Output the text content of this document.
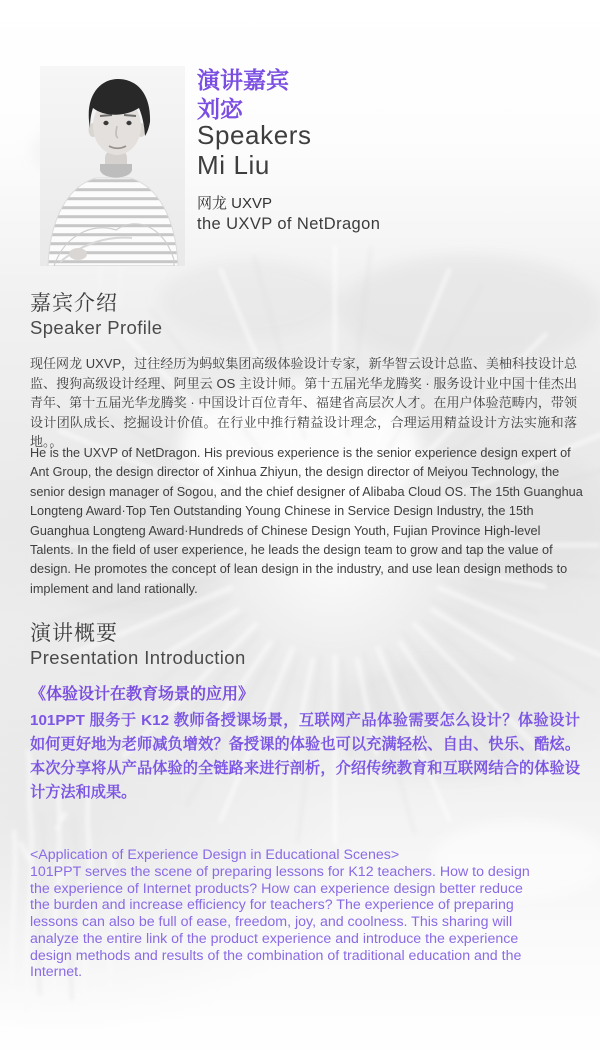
演讲嘉宾
刘宓
Speakers
Mi Liu
网龙 UXVP
the UXVP of NetDragon
嘉宾介绍
Speaker Profile
现任网龙 UXVP，过往经历为蚂蚁集团高级体验设计专家，新华智云设计总监、美柚科技设计总监、搜狗高级设计经理、阿里云 OS 主设计师。第十五届光华龙腾奖 · 服务设计业中国十佳杰出青年、第十五届光华龙腾奖 · 中国设计百位青年、福建省高层次人才。在用户体验范畴内，带领设计团队成长、挖掘设计价值。在行业中推行精益设计理念，合理运用精益设计方法实施和落地。。
He is the UXVP of NetDragon. His previous experience is the senior experience design expert of Ant Group, the design director of Xinhua Zhiyun, the design director of Meiyou Technology, the senior design manager of Sogou, and the chief designer of Alibaba Cloud OS. The 15th Guanghua Longteng Award·Top Ten Outstanding Young Chinese in Service Design Industry, the 15th Guanghua Longteng Award·Hundreds of Chinese Design Youth, Fujian Province High-level Talents. In the field of user experience, he leads the design team to grow and tap the value of design. He promotes the concept of lean design in the industry, and use lean design methods to implement and land rationally.
演讲概要
Presentation Introduction
《体验设计在教育场景的应用》
101PPT 服务于 K12 教师备授课场景，互联网产品体验需要怎么设计？体验设计如何更好地为老师减负增效？备授课的体验也可以充满轻松、自由、快乐、酷炫。本次分享将从产品体验的全链路来进行剖析，介绍传统教育和互联网结合的体验设计方法和成果。
<Application of Experience Design in Educational Scenes>
101PPT serves the scene of preparing lessons for K12 teachers. How to design the experience of Internet products? How can experience design better reduce the burden and increase efficiency for teachers? The experience of preparing lessons can also be full of ease, freedom, joy, and coolness. This sharing will analyze the entire link of the product experience and introduce the experience design methods and results of the combination of traditional education and the Internet.
